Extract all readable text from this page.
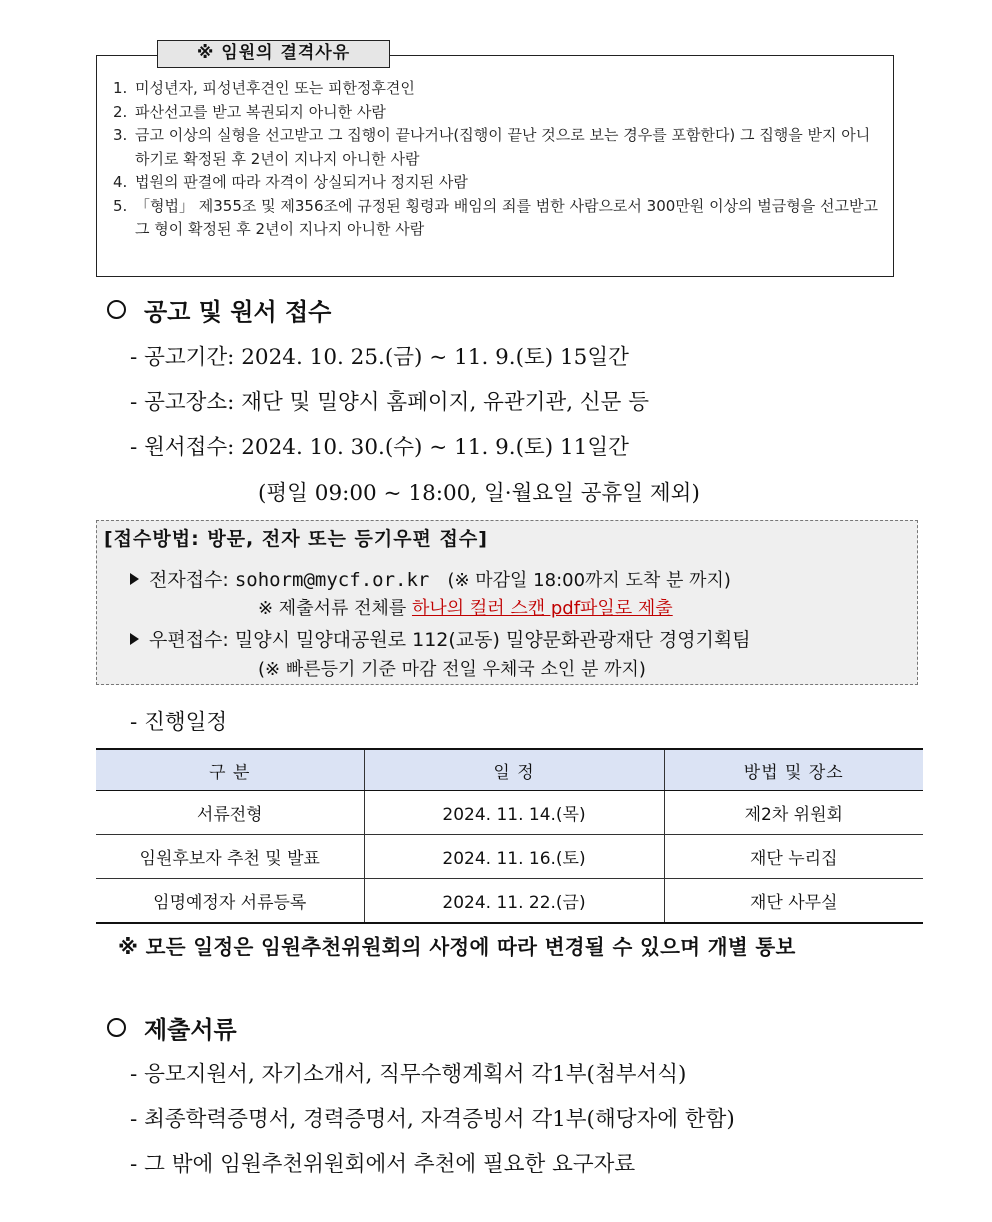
※ 임원의 결격사유
1. 미성년자, 피성년후견인 또는 피한정후견인
2. 파산선고를 받고 복권되지 아니한 사람
3. 금고 이상의 실형을 선고받고 그 집행이 끝나거나(집행이 끝난 것으로 보는 경우를 포함한다) 그 집행을 받지 아니하기로 확정된 후 2년이 지나지 아니한 사람
4. 법원의 판결에 따라 자격이 상실되거나 정지된 사람
5. 「형법」 제355조 및 제356조에 규정된 횡령과 배임의 죄를 범한 사람으로서 300만원 이상의 벌금형을 선고받고 그 형이 확정된 후 2년이 지나지 아니한 사람
공고 및 원서 접수
- 공고기간: 2024. 10. 25.(금) ~ 11. 9.(토) 15일간
- 공고장소: 재단 및 밀양시 홈페이지, 유관기관, 신문 등
- 원서접수: 2024. 10. 30.(수) ~ 11. 9.(토) 11일간
(평일 09:00 ~ 18:00, 일·월요일 공휴일 제외)
[접수방법: 방문, 전자 또는 등기우편 접수]
전자접수: sohorm@mycf.or.kr (※ 마감일 18:00까지 도착 분 까지)
※ 제출서류 전체를 하나의 컬러 스캔 pdf파일로 제출
우편접수: 밀양시 밀양대공원로 112(교동) 밀양문화관광재단 경영기획팀
(※ 빠른등기 기준 마감 전일 우체국 소인 분 까지)
- 진행일정
구 분	일 정	방법 및 장소
서류전형	2024. 11. 14.(목)	제2차 위원회
임원후보자 추천 및 발표	2024. 11. 16.(토)	재단 누리집
임명예정자 서류등록	2024. 11. 22.(금)	재단 사무실
※ 모든 일정은 임원추천위원회의 사정에 따라 변경될 수 있으며 개별 통보
제출서류
- 응모지원서, 자기소개서, 직무수행계획서 각1부(첨부서식)
- 최종학력증명서, 경력증명서, 자격증빙서 각1부(해당자에 한함)
- 그 밖에 임원추천위원회에서 추천에 필요한 요구자료
